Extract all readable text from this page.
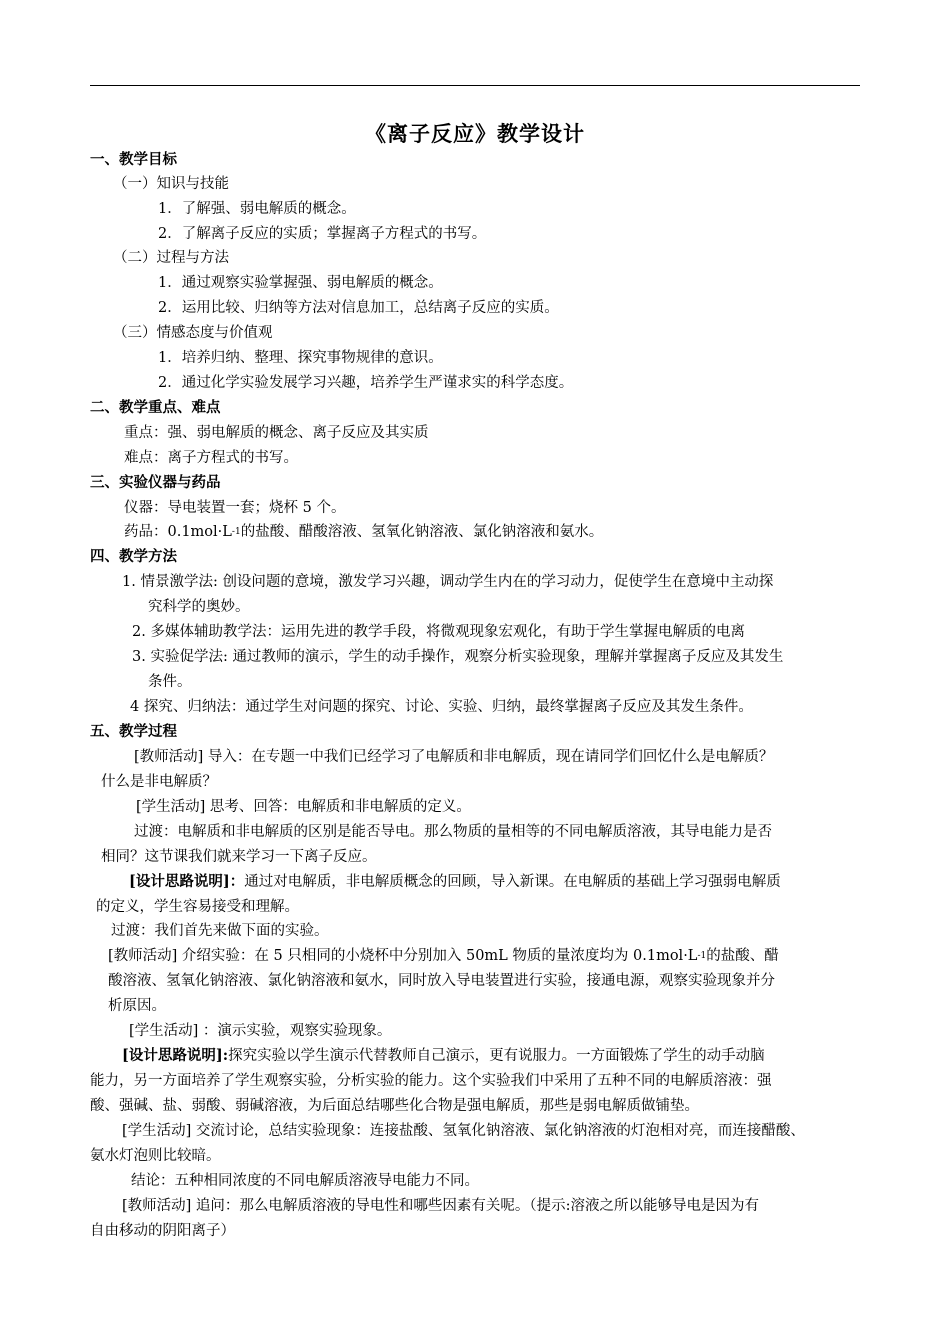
《离子反应》教学设计
一、教学目标
（一）知识与技能
1．了解强、弱电解质的概念。
2．了解离子反应的实质；掌握离子方程式的书写。
（二）过程与方法
1．通过观察实验掌握强、弱电解质的概念。
2．运用比较、归纳等方法对信息加工，总结离子反应的实质。
（三）情感态度与价值观
1．培养归纳、整理、探究事物规律的意识。
2．通过化学实验发展学习兴趣，培养学生严谨求实的科学态度。
二、教学重点、难点
重点：强、弱电解质的概念、离子反应及其实质
难点：离子方程式的书写。
三、实验仪器与药品
仪器：导电装置一套；烧杯 5 个。
药品：$0.1mol\cdot L^{-1}$的盐酸、醋酸溶液、氢氧化钠溶液、氯化钠溶液和氨水。
四、教学方法
1. 情景激学法: 创设问题的意境，激发学习兴趣，调动学生内在的学习动力，促使学生在意境中主动探
究科学的奥妙。
2. 多媒体辅助教学法：运用先进的教学手段，将微观现象宏观化，有助于学生掌握电解质的电离
3. 实验促学法: 通过教师的演示，学生的动手操作，观察分析实验现象，理解并掌握离子反应及其发生
条件。
4 探究、归纳法：通过学生对问题的探究、讨论、实验、归纳，最终掌握离子反应及其发生条件。
五、教学过程
[教师活动] 导入：在专题一中我们已经学习了电解质和非电解质，现在请同学们回忆什么是电解质？
什么是非电解质？
[学生活动] 思考、回答：电解质和非电解质的定义。
过渡：电解质和非电解质的区别是能否导电。那么物质的量相等的不同电解质溶液，其导电能力是否
相同？这节课我们就来学习一下离子反应。
[设计思路说明]：通过对电解质，非电解质概念的回顾，导入新课。在电解质的基础上学习强弱电解质
的定义，学生容易接受和理解。
过渡：我们首先来做下面的实验。
[教师活动] 介绍实验：在 5 只相同的小烧杯中分别加入 50mL 物质的量浓度均为 $0.1mol\cdot L^{-1}$的盐酸、醋
酸溶液、氢氧化钠溶液、氯化钠溶液和氨水，同时放入导电装置进行实验，接通电源，观察实验现象并分
析原因。
[学生活动] ：演示实验，观察实验现象。
[设计思路说明]:探究实验以学生演示代替教师自己演示，更有说服力。一方面锻炼了学生的动手动脑
能力，另一方面培养了学生观察实验，分析实验的能力。这个实验我们中采用了五种不同的电解质溶液：强
酸、强碱、盐、弱酸、弱碱溶液，为后面总结哪些化合物是强电解质，那些是弱电解质做铺垫。
[学生活动] 交流讨论，总结实验现象：连接盐酸、氢氧化钠溶液、氯化钠溶液的灯泡相对亮，而连接醋酸、
氨水灯泡则比较暗。
结论：五种相同浓度的不同电解质溶液导电能力不同。
[教师活动] 追问：那么电解质溶液的导电性和哪些因素有关呢。（提示:溶液之所以能够导电是因为有
自由移动的阴阳离子）
